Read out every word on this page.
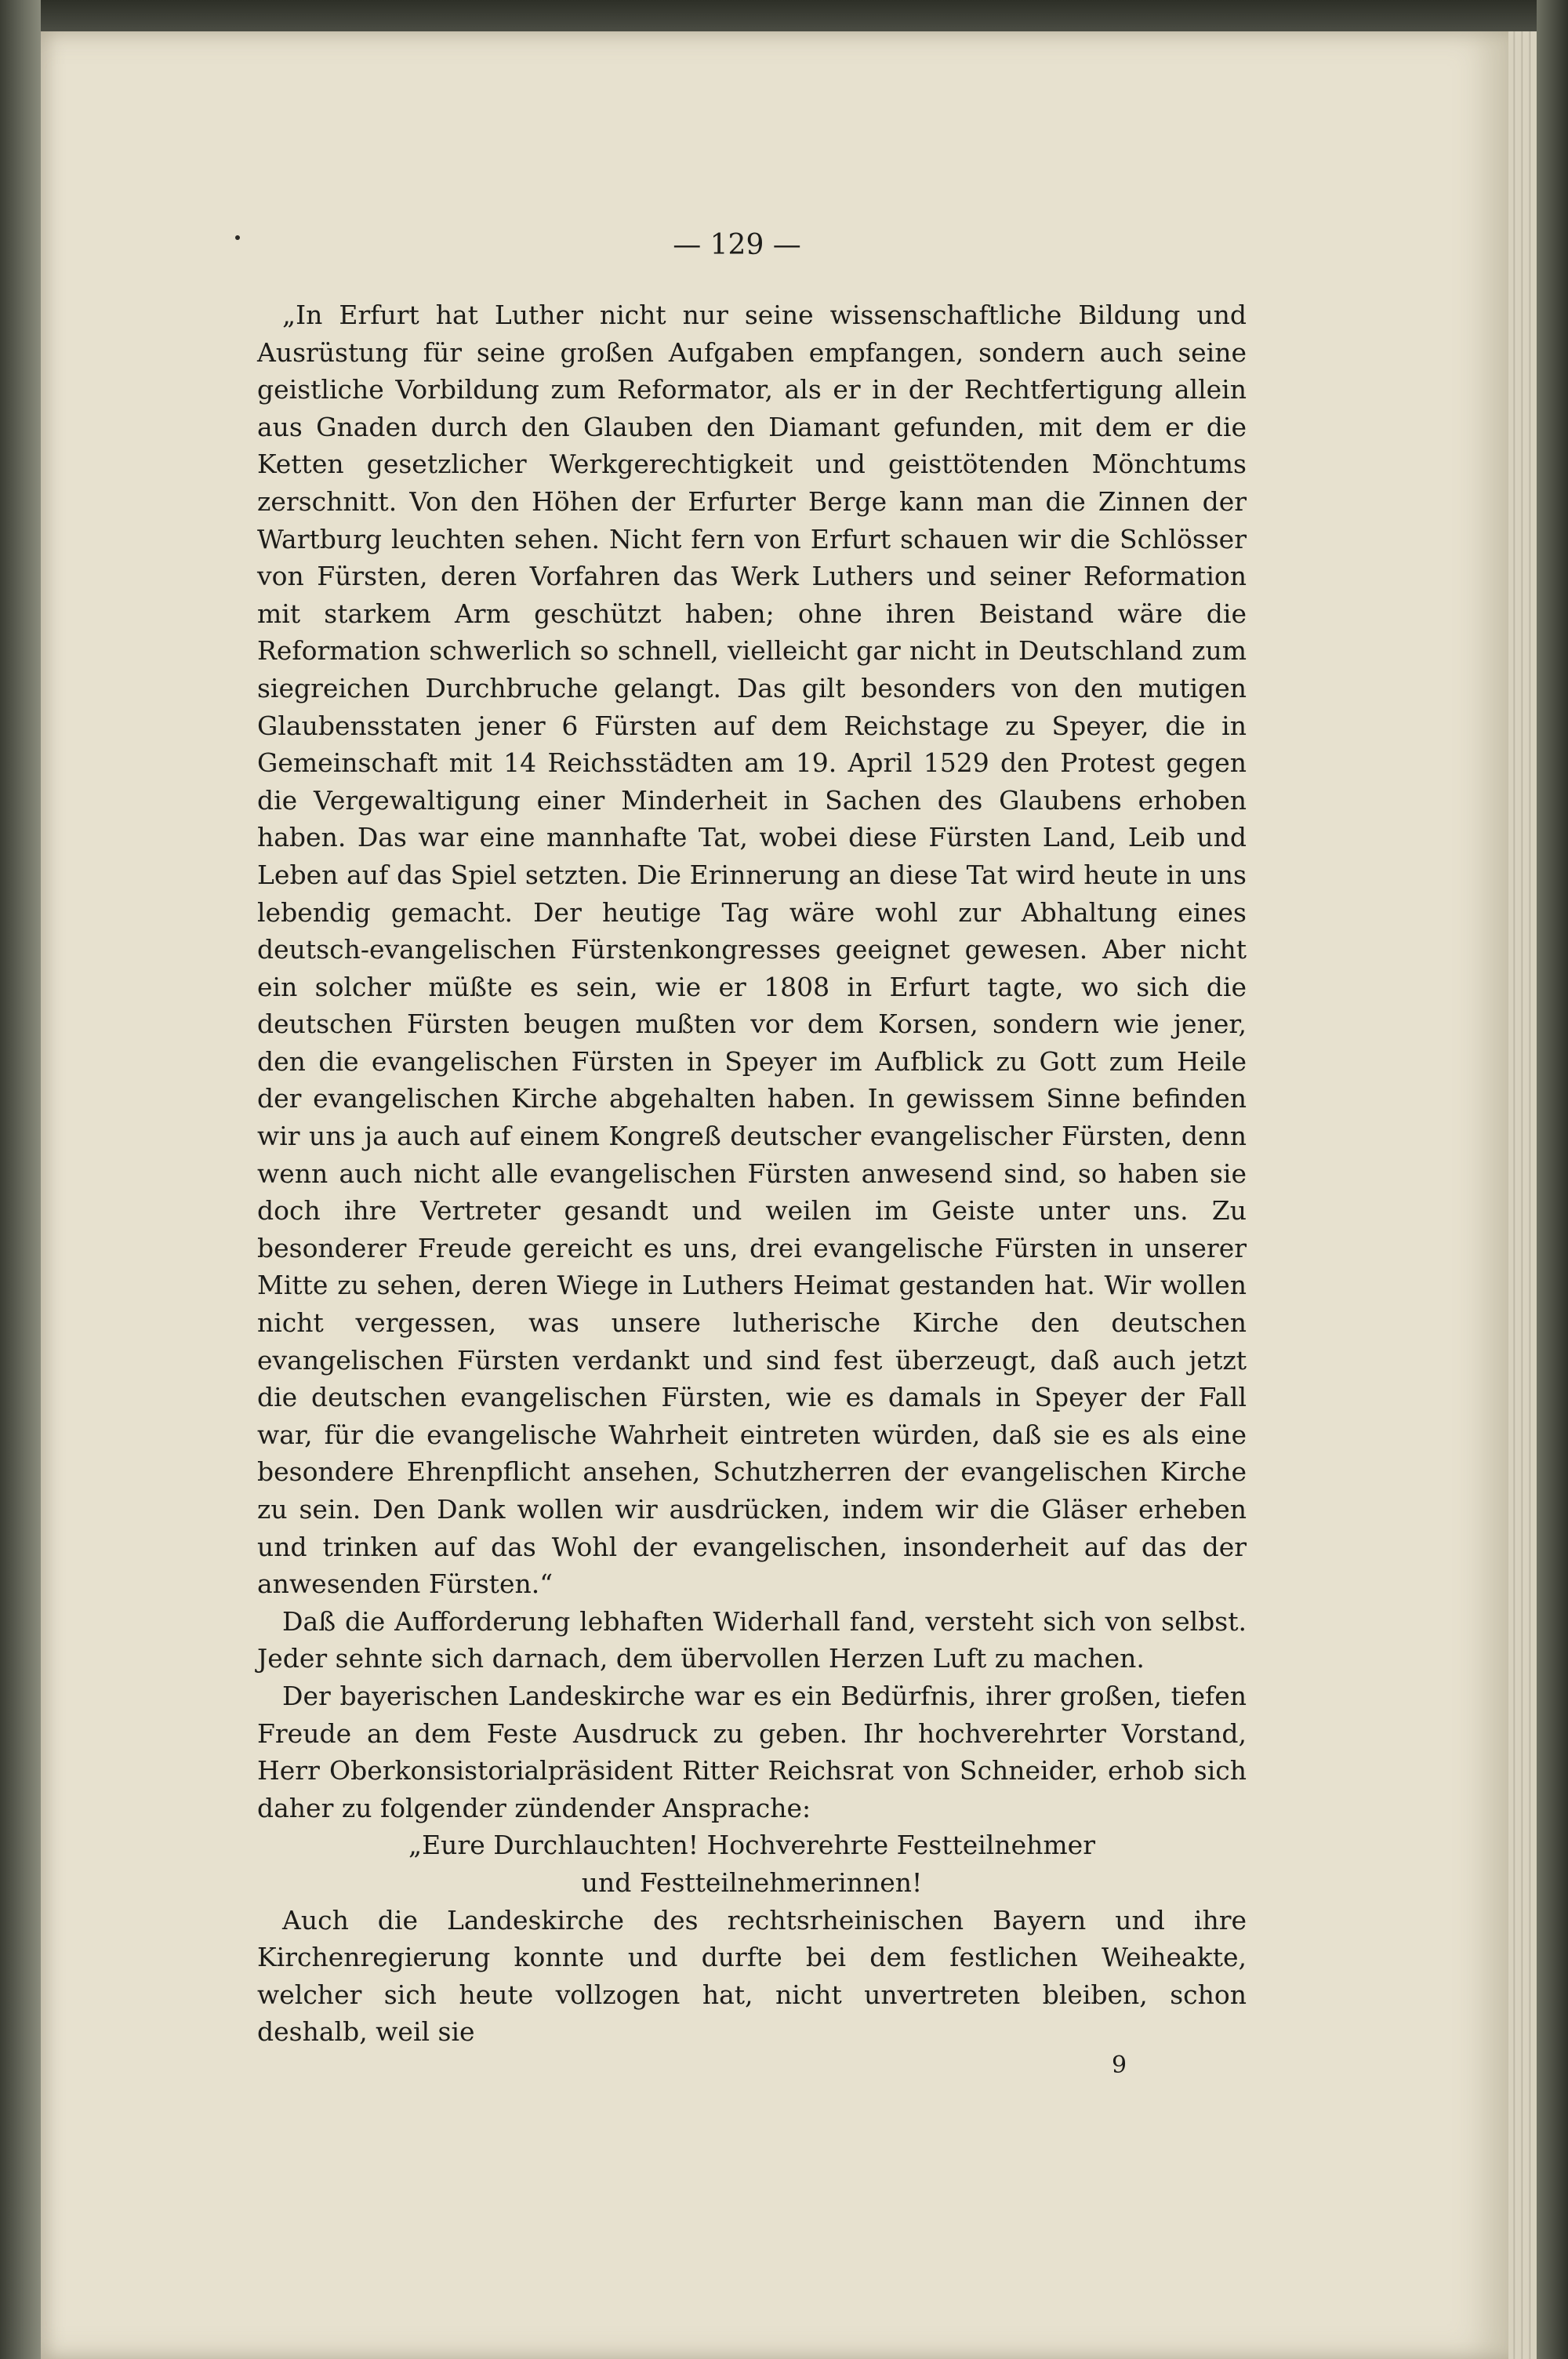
— 129 —

„In Erfurt hat Luther nicht nur seine wissenschaftliche Bildung und Ausrüstung für seine großen Aufgaben empfangen, sondern auch seine geistliche Vorbildung zum Reformator, als er in der Rechtfertigung allein aus Gnaden durch den Glauben den Diamant gefunden, mit dem er die Ketten gesetzlicher Werkgerechtigkeit und geisttötenden Mönchtums zerschnitt. Von den Höhen der Erfurter Berge kann man die Zinnen der Wartburg leuchten sehen. Nicht fern von Erfurt schauen wir die Schlösser von Fürsten, deren Vorfahren das Werk Luthers und seiner Reformation mit starkem Arm geschützt haben; ohne ihren Beistand wäre die Reformation schwerlich so schnell, vielleicht gar nicht in Deutschland zum siegreichen Durchbruche gelangt. Das gilt besonders von den mutigen Glaubensstaten jener 6 Fürsten auf dem Reichstage zu Speyer, die in Gemeinschaft mit 14 Reichsstädten am 19. April 1529 den Protest gegen die Vergewaltigung einer Minderheit in Sachen des Glaubens erhoben haben. Das war eine mannhafte Tat, wobei diese Fürsten Land, Leib und Leben auf das Spiel setzten. Die Erinnerung an diese Tat wird heute in uns lebendig gemacht. Der heutige Tag wäre wohl zur Abhaltung eines deutsch-evangelischen Fürstenkongresses geeignet gewesen. Aber nicht ein solcher müßte es sein, wie er 1808 in Erfurt tagte, wo sich die deutschen Fürsten beugen mußten vor dem Korsen, sondern wie jener, den die evangelischen Fürsten in Speyer im Aufblick zu Gott zum Heile der evangelischen Kirche abgehalten haben. In gewissem Sinne befinden wir uns ja auch auf einem Kongreß deutscher evangelischer Fürsten, denn wenn auch nicht alle evangelischen Fürsten anwesend sind, so haben sie doch ihre Vertreter gesandt und weilen im Geiste unter uns. Zu besonderer Freude gereicht es uns, drei evangelische Fürsten in unserer Mitte zu sehen, deren Wiege in Luthers Heimat gestanden hat. Wir wollen nicht vergessen, was unsere lutherische Kirche den deutschen evangelischen Fürsten verdankt und sind fest überzeugt, daß auch jetzt die deutschen evangelischen Fürsten, wie es damals in Speyer der Fall war, für die evangelische Wahrheit eintreten würden, daß sie es als eine besondere Ehrenpflicht ansehen, Schutzherren der evangelischen Kirche zu sein. Den Dank wollen wir ausdrücken, indem wir die Gläser erheben und trinken auf das Wohl der evangelischen, insonderheit auf das der anwesenden Fürsten.“

Daß die Aufforderung lebhaften Widerhall fand, versteht sich von selbst. Jeder sehnte sich darnach, dem übervollen Herzen Luft zu machen.

Der bayerischen Landeskirche war es ein Bedürfnis, ihrer großen, tiefen Freude an dem Feste Ausdruck zu geben. Ihr hochverehrter Vorstand, Herr Oberkonsistorialpräsident Ritter Reichsrat von Schneider, erhob sich daher zu folgender zündender Ansprache:

„Eure Durchlauchten! Hochverehrte Festteilnehmer
und Festteilnehmerinnen!

Auch die Landeskirche des rechtsrheinischen Bayern und ihre Kirchenregierung konnte und durfte bei dem festlichen Weiheakte, welcher sich heute vollzogen hat, nicht unvertreten bleiben, schon deshalb, weil sie

9
